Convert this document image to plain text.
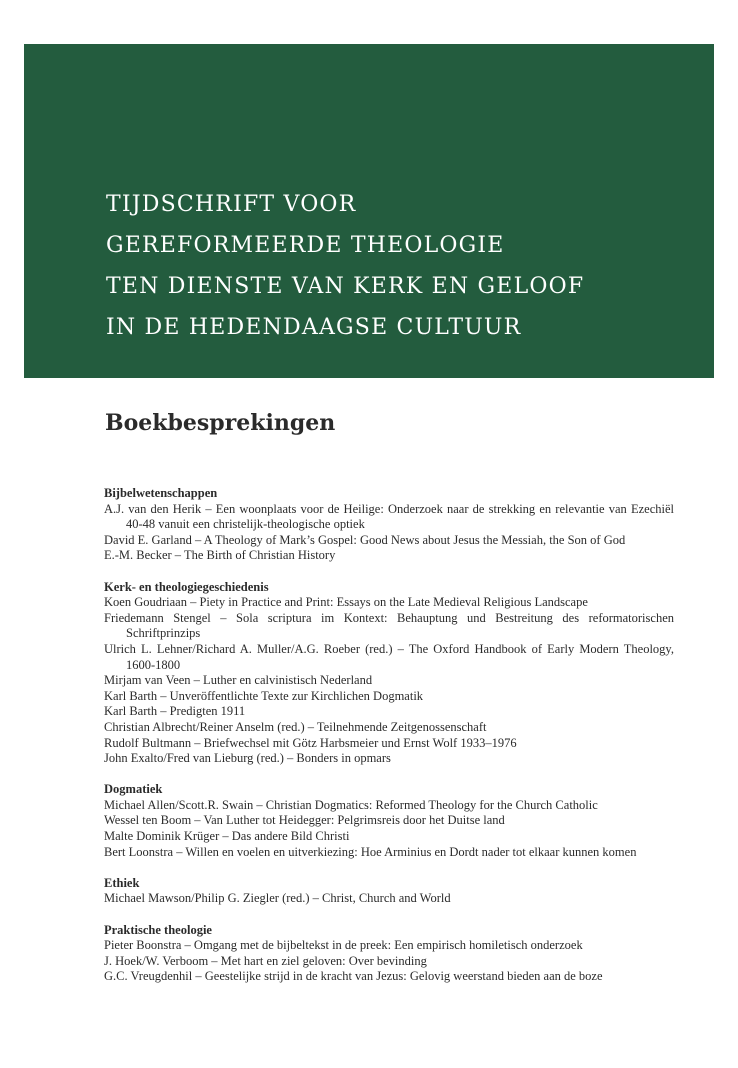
TIJDSCHRIFT VOOR
GEREFORMEERDE THEOLOGIE
TEN DIENSTE VAN KERK EN GELOOF
IN DE HEDENDAAGSE CULTUUR
Boekbesprekingen
Bijbelwetenschappen
A.J. van den Herik – Een woonplaats voor de Heilige: Onderzoek naar de strekking en relevantie van Ezechiël 40-48 vanuit een christelijk-theologische optiek
David E. Garland – A Theology of Mark’s Gospel: Good News about Jesus the Messiah, the Son of God
E.-M. Becker – The Birth of Christian History
Kerk- en theologiegeschiedenis
Koen Goudriaan – Piety in Practice and Print: Essays on the Late Medieval Religious Landscape
Friedemann Stengel – Sola scriptura im Kontext: Behauptung und Bestreitung des reformatorischen Schriftprinzips
Ulrich L. Lehner/Richard A. Muller/A.G. Roeber (red.) – The Oxford Handbook of Early Modern Theology, 1600-1800
Mirjam van Veen – Luther en calvinistisch Nederland
Karl Barth – Unveröffentlichte Texte zur Kirchlichen Dogmatik
Karl Barth – Predigten 1911
Christian Albrecht/Reiner Anselm (red.) – Teilnehmende Zeitgenossenschaft
Rudolf Bultmann – Briefwechsel mit Götz Harbsmeier und Ernst Wolf 1933–1976
John Exalto/Fred van Lieburg (red.) – Bonders in opmars
Dogmatiek
Michael Allen/Scott.R. Swain – Christian Dogmatics: Reformed Theology for the Church Catholic
Wessel ten Boom – Van Luther tot Heidegger: Pelgrimsreis door het Duitse land
Malte Dominik Krüger – Das andere Bild Christi
Bert Loonstra – Willen en voelen en uitverkiezing: Hoe Arminius en Dordt nader tot elkaar kunnen komen
Ethiek
Michael Mawson/Philip G. Ziegler (red.) – Christ, Church and World
Praktische theologie
Pieter Boonstra – Omgang met de bijbeltekst in de preek: Een empirisch homiletisch onderzoek
J. Hoek/W. Verboom – Met hart en ziel geloven: Over bevinding
G.C. Vreugdenhil – Geestelijke strijd in de kracht van Jezus: Gelovig weerstand bieden aan de boze
